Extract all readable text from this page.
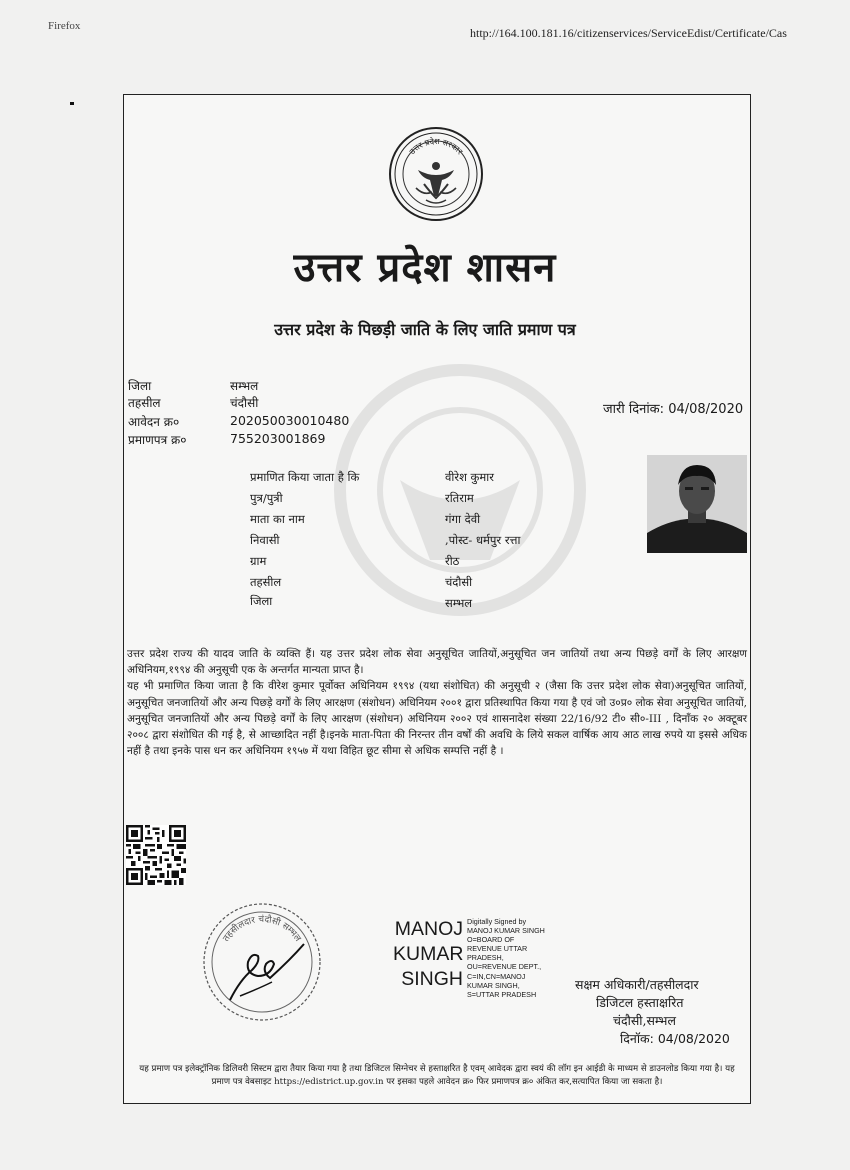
Firefox	http://164.100.181.16/citizenservices/ServiceEdist/Certificate/Cas
उत्तर प्रदेश सरकार
उत्तर प्रदेश शासन
उत्तर प्रदेश के पिछड़ी जाति के लिए जाति प्रमाण पत्र
जिला	सम्भल
तहसील	चंदौसी
आवेदन क्र०	202050030010480
प्रमाणपत्र क्र०	755203001869
जारी दिनांक: 04/08/2020
प्रमाणित किया जाता है कि	वीरेश कुमार
पुत्र/पुत्री	रतिराम
माता का नाम	गंगा देवी
निवासी	,पोस्ट- धर्मपुर रत्ता
ग्राम	रीठ
तहसील	चंदौसी
जिला	सम्भल

उत्तर प्रदेश राज्य की यादव जाति के व्यक्ति हैं। यह उत्तर प्रदेश लोक सेवा अनुसूचित जातियों,अनुसूचित जन जातियों तथा अन्य पिछड़े वर्गों के लिए आरक्षण अधिनियम,१९९४ की अनुसूची एक के अन्तर्गत मान्यता प्राप्त है।

यह भी प्रमाणित किया जाता है कि वीरेश कुमार पूर्वोक्त अधिनियम १९९४ (यथा संशोधित) की अनुसूची २ (जैसा कि उत्तर प्रदेश लोक सेवा)अनुसूचित जातियों, अनुसूचित जनजातियों और अन्य पिछड़े वर्गों के लिए आरक्षण (संशोधन) अधिनियम २००१ द्वारा प्रतिस्थापित किया गया है एवं जो उ०प्र० लोक सेवा अनुसूचित जातियों, अनुसूचित जनजातियों और अन्य पिछड़े वर्गों के लिए आरक्षण (संशोधन) अधिनियम २००२ एवं शासनादेश संख्या 22/16/92 टी० सी०-III , दिनाँक २० अक्टूबर २००८ द्वारा संशोधित की गई है, से आच्छादित नहीं है।इनके माता-पिता की निरन्तर तीन वर्षों की अवधि के लिये सकल वार्षिक आय आठ लाख रुपये या इससे अधिक नहीं है तथा इनके पास धन कर अधिनियम १९५७ में यथा विहित छूट सीमा से अधिक सम्पत्ति नहीं है ।

तहसीलदार चंदौसी सम्भल	MANOJ
KUMAR
SINGH
Digitally Signed by
MANOJ KUMAR SINGH
O=BOARD OF
REVENUE UTTAR
PRADESH,
OU=REVENUE DEPT.,
C=IN,CN=MANOJ
KUMAR SINGH,
S=UTTAR PRADESH
सक्षम अधिकारी/तहसीलदार
डिजिटल हस्ताक्षरित
चंदौसी,सम्भल
दिनॉक: 04/08/2020
यह प्रमाण पत्र इलेक्ट्रॉनिक डिलिवरी सिस्टम द्वारा तैयार किया गया है तथा डिजिटल सिग्नेचर से हस्ताक्षरित है एवम् आवेदक द्वारा स्वयं की लॉग इन आईडी के माध्यम से डाउनलोड किया गया है। यह प्रमाण पत्र वेबसाइट https://edistrict.up.gov.in पर इसका पहले आवेदन क्र० फिर प्रमाणपत्र क्र० अंकित कर,सत्यापित किया जा सकता है।
